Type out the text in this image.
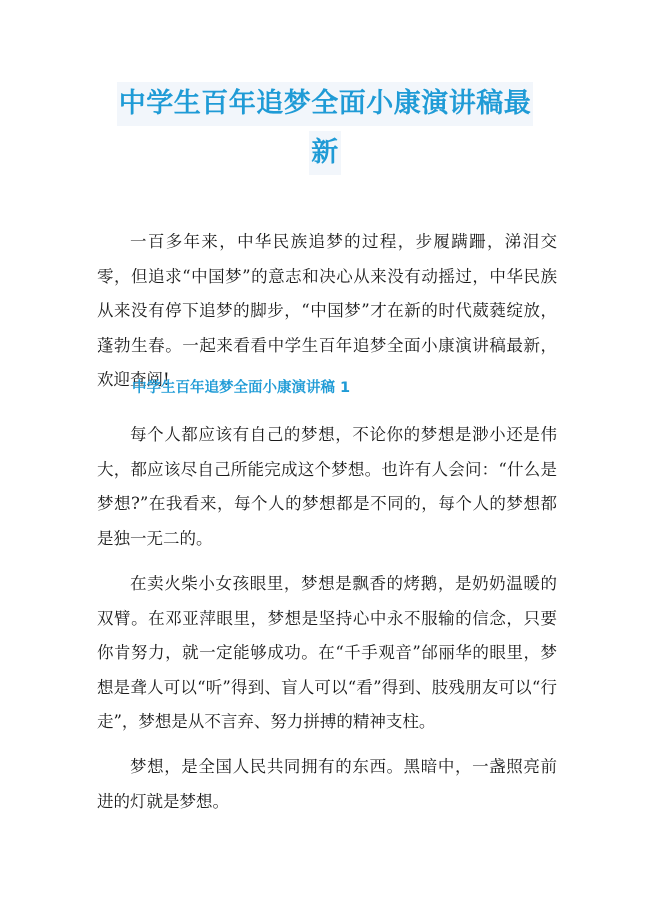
中学生百年追梦全面小康演讲稿最
新

一百多年来，中华民族追梦的过程，步履蹒跚，涕泪交零，但追求“中国梦”的意志和决心从来没有动摇过，中华民族从来没有停下追梦的脚步，“中国梦”才在新的时代葳蕤绽放，蓬勃生春。一起来看看中学生百年追梦全面小康演讲稿最新，欢迎查阅!

中学生百年追梦全面小康演讲稿 1

每个人都应该有自己的梦想，不论你的梦想是渺小还是伟大，都应该尽自己所能完成这个梦想。也许有人会问：“什么是梦想?”在我看来，每个人的梦想都是不同的，每个人的梦想都是独一无二的。

在卖火柴小女孩眼里，梦想是飘香的烤鹅，是奶奶温暖的双臂。在邓亚萍眼里，梦想是坚持心中永不服输的信念，只要你肯努力，就一定能够成功。在“千手观音”邰丽华的眼里，梦想是聋人可以“听”得到、盲人可以“看”得到、肢残朋友可以“行走”，梦想是从不言弃、努力拼搏的精神支柱。

梦想，是全国人民共同拥有的东西。黑暗中，一盏照亮前进的灯就是梦想。
